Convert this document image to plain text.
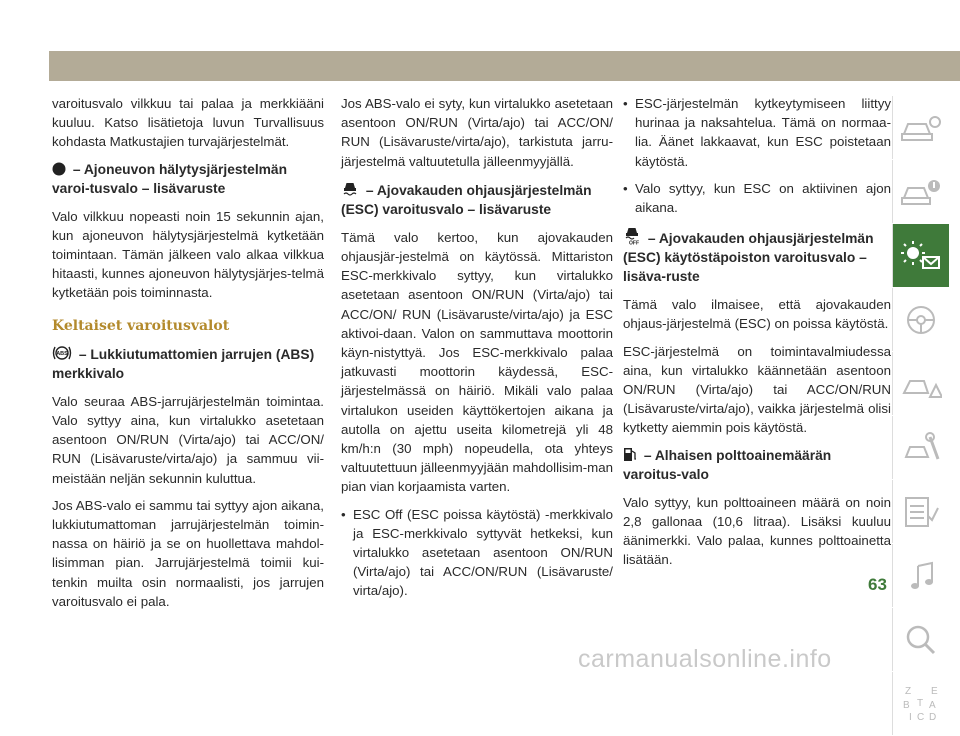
varoitusvalo vilkkuu tai palaa ja merkkiääni kuuluu. Katso lisätietoja luvun Turvallisuus kohdasta Matkustajien turvajärjestelmät.

– Ajoneuvon hälytysjärjestelmän varoi-tusvalo – lisävaruste

Valo vilkkuu nopeasti noin 15 sekunnin ajan, kun ajoneuvon hälytysjärjestelmä kytketään toimintaan. Tämän jälkeen valo alkaa vilkkua hitaasti, kunnes ajoneuvon hälytysjärjes-telmä kytketään pois toiminnasta.

Keltaiset varoitusvalot
ABS – Lukkiutumattomien jarrujen (ABS) merkkivalo

Valo seuraa ABS-jarrujärjestelmän toimintaa. Valo syttyy aina, kun virtalukko asetetaan asentoon ON/RUN (Virta/ajo) tai ACC/ON/ RUN (Lisävaruste/virta/ajo) ja sammuu vii-meistään neljän sekunnin kuluttua.

Jos ABS-valo ei sammu tai syttyy ajon aikana, lukkiutumattoman jarrujärjestelmän toimin-nassa on häiriö ja se on huollettava mahdol-lisimman pian. Jarrujärjestelmä toimii kui-tenkin muilta osin normaalisti, jos jarrujen varoitusvalo ei pala.

Jos ABS-valo ei syty, kun virtalukko asetetaan asentoon ON/RUN (Virta/ajo) tai ACC/ON/ RUN (Lisävaruste/virta/ajo), tarkistuta jarru-järjestelmä valtuutetulla jälleenmyyjällä.

– Ajovakauden ohjausjärjestelmän (ESC) varoitusvalo – lisävaruste

Tämä valo kertoo, kun ajovakauden ohjausjär-jestelmä on käytössä. Mittariston ESC-merkkivalo syttyy, kun virtalukko asetetaan asentoon ON/RUN (Virta/ajo) tai ACC/ON/ RUN (Lisävaruste/virta/ajo) ja ESC aktivoi-daan. Valon on sammuttava moottorin käyn-nistyttyä. Jos ESC-merkkivalo palaa jatkuvasti moottorin käydessä, ESC-järjestelmässä on häiriö. Mikäli valo palaa virtalukon useiden käyttökertojen aikana ja autolla on ajettu useita kilometrejä yli 48 km/h:n (30 mph) nopeudella, ota yhteys valtuutettuun jälleenmyyjään mahdollisim-man pian vian korjaamista varten.

• ESC Off (ESC poissa käytöstä) -merkkivalo ja ESC-merkkivalo syttyvät hetkeksi, kun virtalukko asetetaan asentoon ON/RUN (Virta/ajo) tai ACC/ON/RUN (Lisävaruste/ virta/ajo).
• ESC-järjestelmän kytkeytymiseen liittyy hurinaa ja naksahtelua. Tämä on normaa-lia. Äänet lakkaavat, kun ESC poistetaan käytöstä.
• Valo syttyy, kun ESC on aktiivinen ajon aikana.
OFF – Ajovakauden ohjausjärjestelmän (ESC) käytöstäpoiston varoitusvalo – lisäva-ruste

Tämä valo ilmaisee, että ajovakauden ohjaus-järjestelmä (ESC) on poissa käytöstä.

ESC-järjestelmä on toimintavalmiudessa aina, kun virtalukko käännetään asentoon ON/RUN (Virta/ajo) tai ACC/ON/RUN (Lisävaruste/virta/ajo), vaikka järjestelmä olisi kytketty aiemmin pois käytöstä.

– Alhaisen polttoainemäärän varoitus-valo

Valo syttyy, kun polttoaineen määrä on noin 2,8 gallonaa (10,6 litraa). Lisäksi kuuluu äänimerkki. Valo palaa, kunnes polttoainetta lisätään.

Z
B
E
A
I C
T
D
63
carmanualsonline.info
